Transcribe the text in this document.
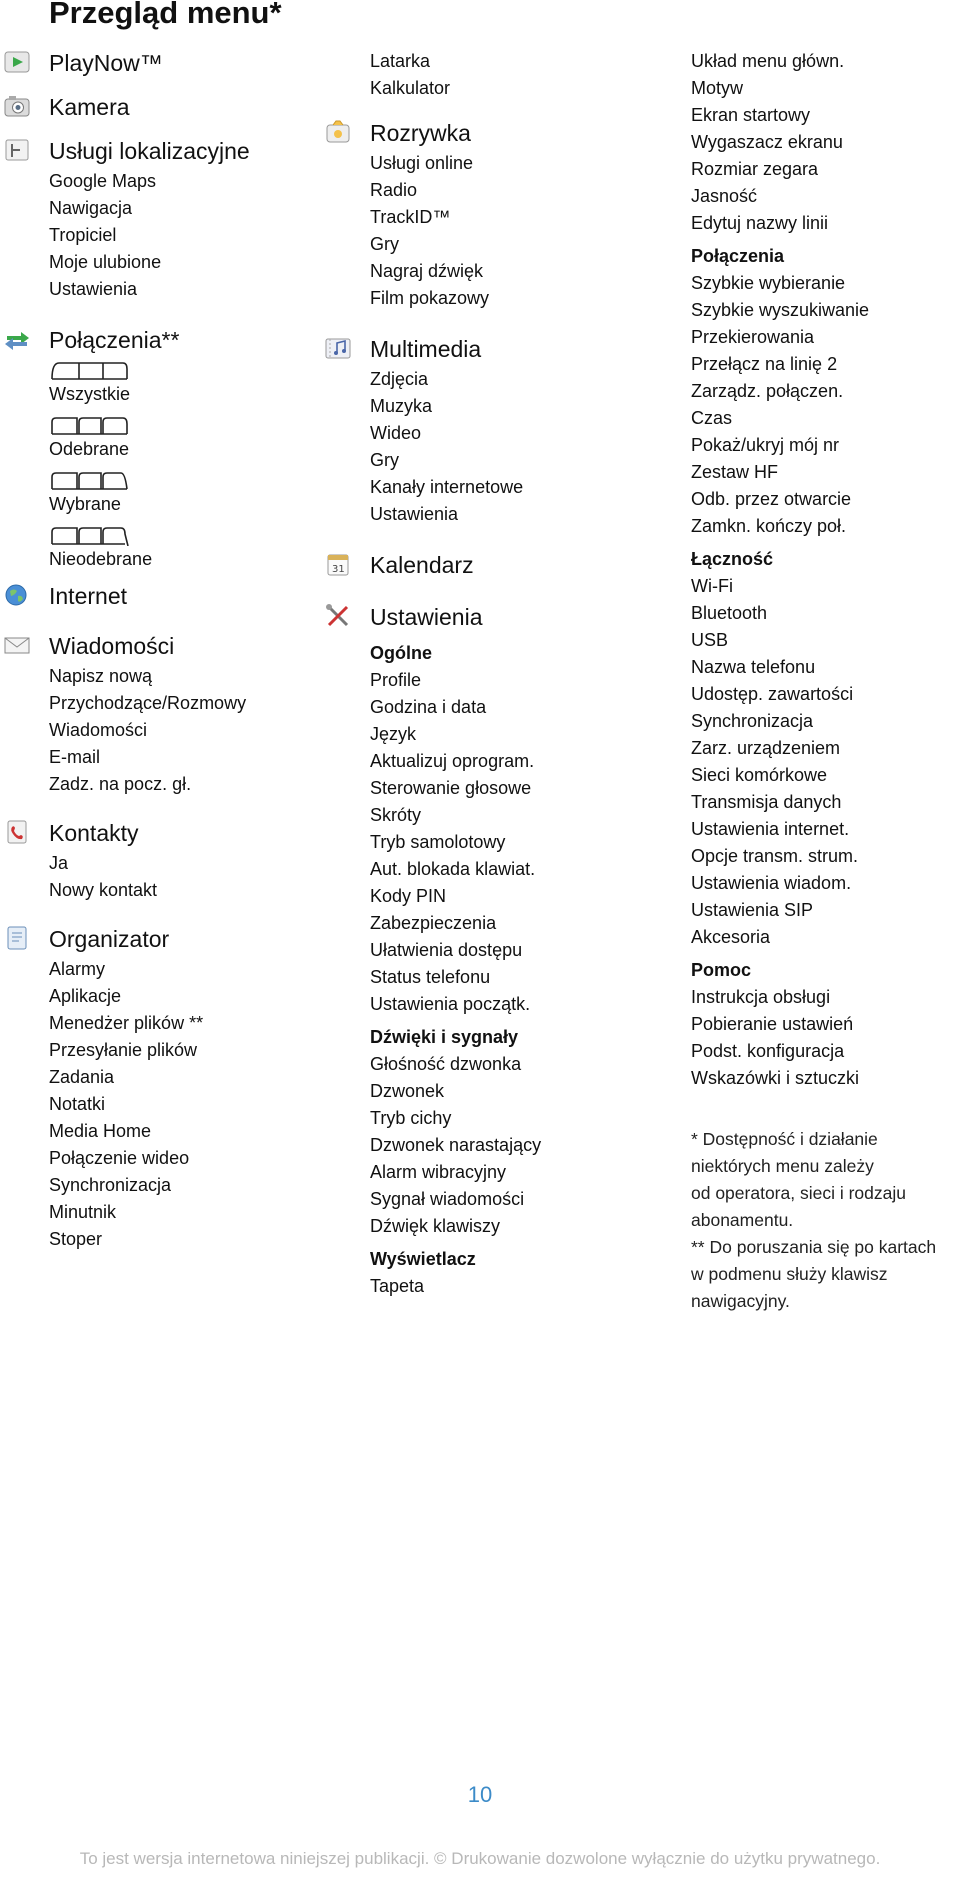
Przegląd menu*
PlayNow™
Kamera
Usługi lokalizacyjne
Google Maps
Nawigacja
Tropiciel
Moje ulubione
Ustawienia
Połączenia**
Wszystkie
Odebrane
Wybrane
Nieodebrane
Internet
Wiadomości
Napisz nową
Przychodzące/Rozmowy
Wiadomości
E-mail
Zadz. na pocz. gł.
Kontakty
Ja
Nowy kontakt
Organizator
Alarmy
Aplikacje
Menedżer plików **
Przesyłanie plików
Zadania
Notatki
Media Home
Połączenie wideo
Synchronizacja
Minutnik
Stoper
Latarka
Kalkulator
Rozrywka
Usługi online
Radio
TrackID™
Gry
Nagraj dźwięk
Film pokazowy
Multimedia
Zdjęcia
Muzyka
Wideo
Gry
Kanały internetowe
Ustawienia
31 Kalendarz
Ustawienia
Ogólne
Profile
Godzina i data
Język
Aktualizuj oprogram.
Sterowanie głosowe
Skróty
Tryb samolotowy
Aut. blokada klawiat.
Kody PIN
Zabezpieczenia
Ułatwienia dostępu
Status telefonu
Ustawienia początk.
Dźwięki i sygnały
Głośność dzwonka
Dzwonek
Tryb cichy
Dzwonek narastający
Alarm wibracyjny
Sygnał wiadomości
Dźwięk klawiszy
Wyświetlacz
Tapeta
Układ menu główn.
Motyw
Ekran startowy
Wygaszacz ekranu
Rozmiar zegara
Jasność
Edytuj nazwy linii
Połączenia
Szybkie wybieranie
Szybkie wyszukiwanie
Przekierowania
Przełącz na linię 2
Zarządz. połączen.
Czas
Pokaż/ukryj mój nr
Zestaw HF
Odb. przez otwarcie
Zamkn. kończy poł.
Łączność
Wi-Fi
Bluetooth
USB
Nazwa telefonu
Udostęp. zawartości
Synchronizacja
Zarz. urządzeniem
Sieci komórkowe
Transmisja danych
Ustawienia internet.
Opcje transm. strum.
Ustawienia wiadom.
Ustawienia SIP
Akcesoria
Pomoc
Instrukcja obsługi
Pobieranie ustawień
Podst. konfiguracja
Wskazówki i sztuczki
* Dostępność i działanie
niektórych menu zależy
od operatora, sieci i rodzaju
abonamentu.
** Do poruszania się po kartach
w podmenu służy klawisz
nawigacyjny.
10
To jest wersja internetowa niniejszej publikacji. © Drukowanie dozwolone wyłącznie do użytku prywatnego.
